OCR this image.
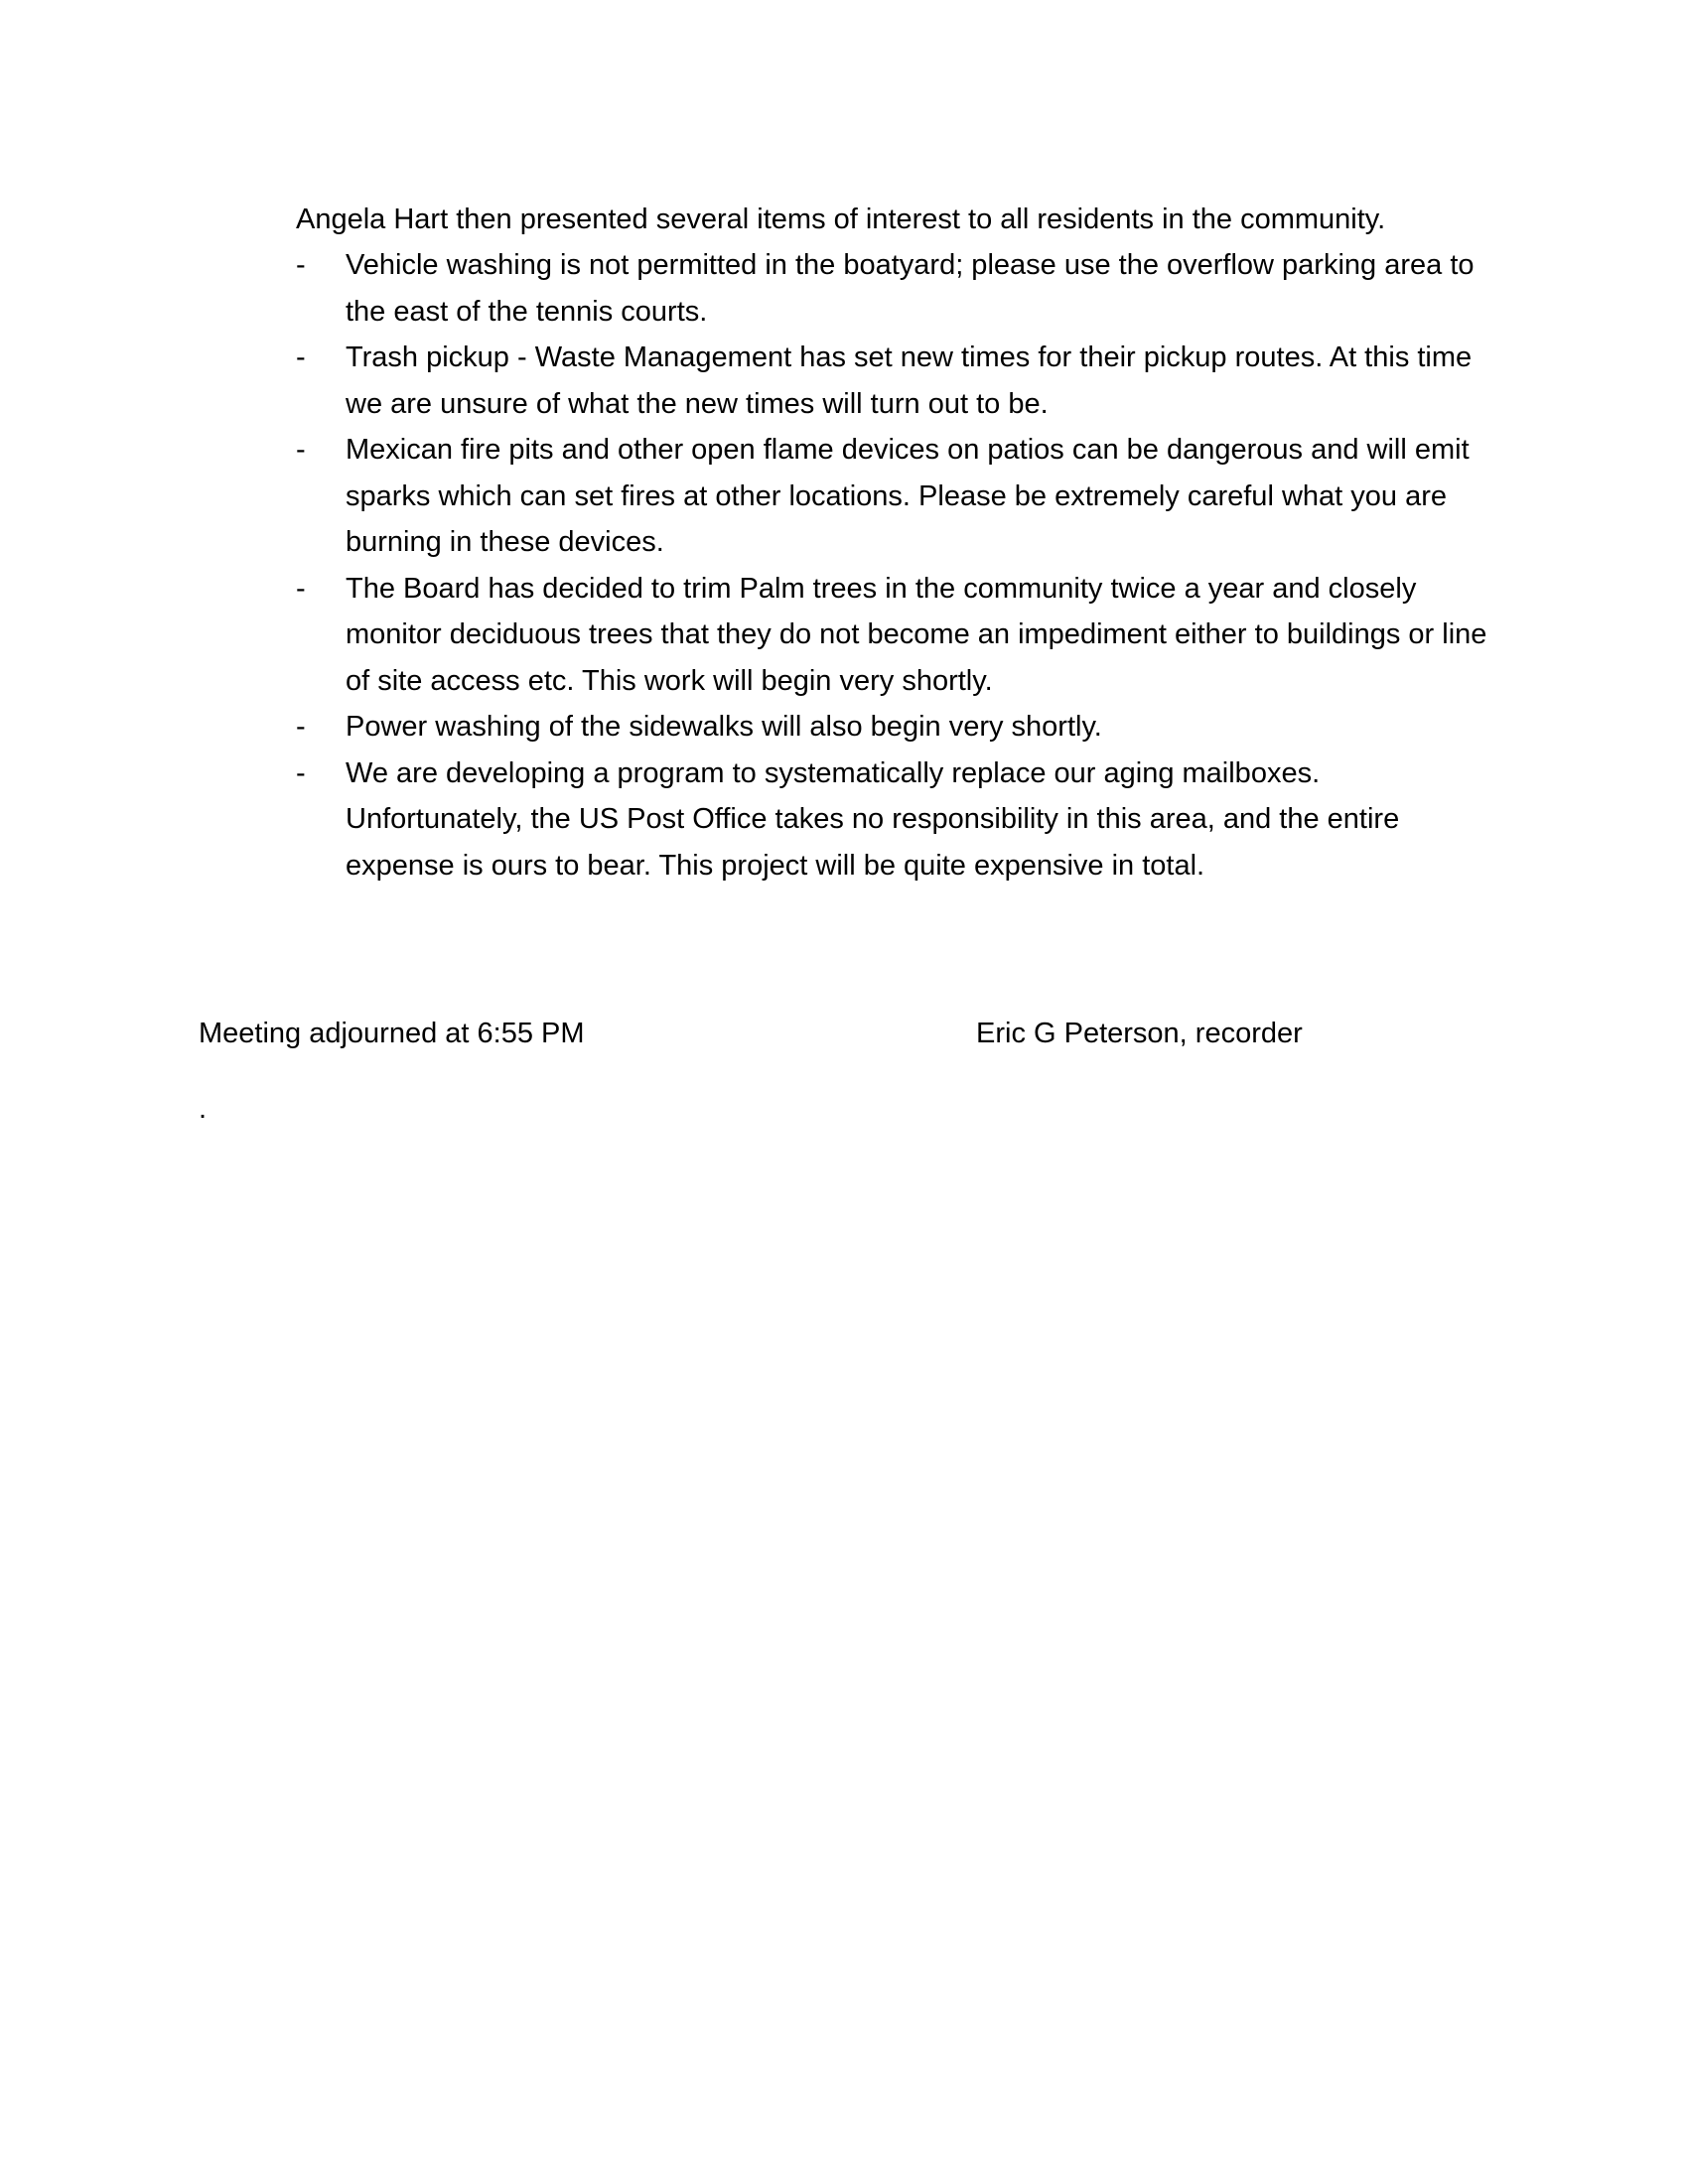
Angela Hart then presented several items of interest to all residents in the community.
-	Vehicle washing is not permitted in the boatyard; please use the overflow parking area to the east of the tennis courts.
-	Trash pickup - Waste Management has set new times for their pickup routes. At this time we are unsure of what the new times will turn out to be.
-	Mexican fire pits and other open flame devices on patios can be dangerous and will emit sparks which can set fires at other locations. Please be extremely careful what you are burning in these devices.
-	The Board has decided to trim Palm trees in the community twice a year and closely monitor deciduous trees that they do not become an impediment either to buildings or line of site access etc. This work will begin very shortly.
-	Power washing of the sidewalks will also begin very shortly.
-	We are developing a program to systematically replace our aging mailboxes. Unfortunately, the US Post Office takes no responsibility in this area, and the entire expense is ours to bear. This project will be quite expensive in total.
Meeting adjourned at 6:55 PM	Eric G Peterson, recorder
.
